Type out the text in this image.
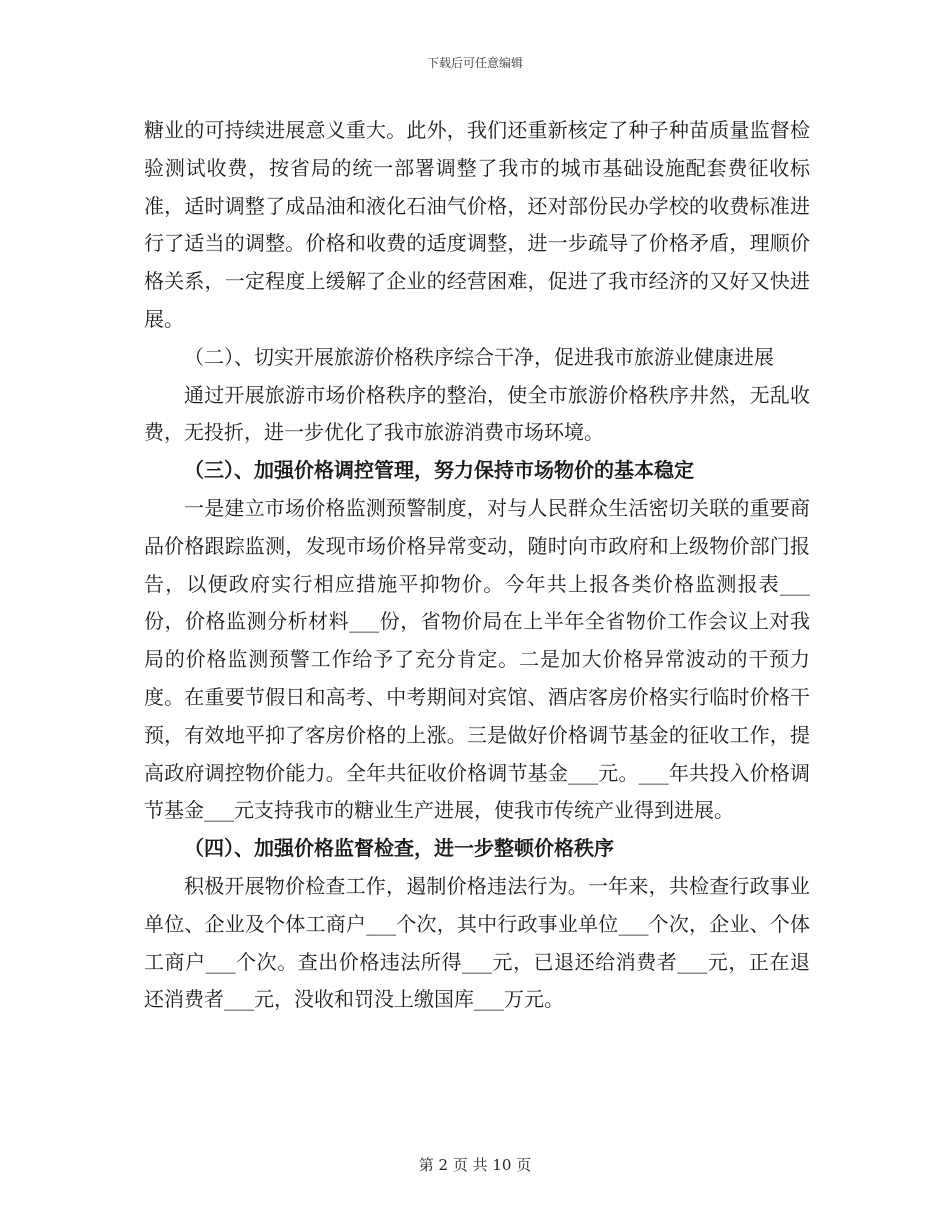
下载后可任意编辑

糖业的可持续进展意义重大。此外，我们还重新核定了种子种苗质量监督检验测试收费，按省局的统一部署调整了我市的城市基础设施配套费征收标准，适时调整了成品油和液化石油气价格，还对部份民办学校的收费标准进行了适当的调整。价格和收费的适度调整，进一步疏导了价格矛盾，理顺价格关系，一定程度上缓解了企业的经营困难，促进了我市经济的又好又快进展。

（二）、切实开展旅游价格秩序综合干净，促进我市旅游业健康进展

通过开展旅游市场价格秩序的整治，使全市旅游价格秩序井然，无乱收费，无投折，进一步优化了我市旅游消费市场环境。

（三）、加强价格调控管理，努力保持市场物价的基本稳定

一是建立市场价格监测预警制度，对与人民群众生活密切关联的重要商品价格跟踪监测，发现市场价格异常变动，随时向市政府和上级物价部门报告，以便政府实行相应措施平抑物价。今年共上报各类价格监测报表___份，价格监测分析材料___份，省物价局在上半年全省物价工作会议上对我局的价格监测预警工作给予了充分肯定。二是加大价格异常波动的干预力度。在重要节假日和高考、中考期间对宾馆、酒店客房价格实行临时价格干预，有效地平抑了客房价格的上涨。三是做好价格调节基金的征收工作，提高政府调控物价能力。全年共征收价格调节基金___元。___年共投入价格调节基金___元支持我市的糖业生产进展，使我市传统产业得到进展。

（四）、加强价格监督检查，进一步整顿价格秩序

积极开展物价检查工作，遏制价格违法行为。一年来，共检查行政事业单位、企业及个体工商户___个次，其中行政事业单位___个次，企业、个体工商户___个次。查出价格违法所得___元，已退还给消费者___元，正在退还消费者___元，没收和罚没上缴国库___万元。

第 2 页 共 10 页
